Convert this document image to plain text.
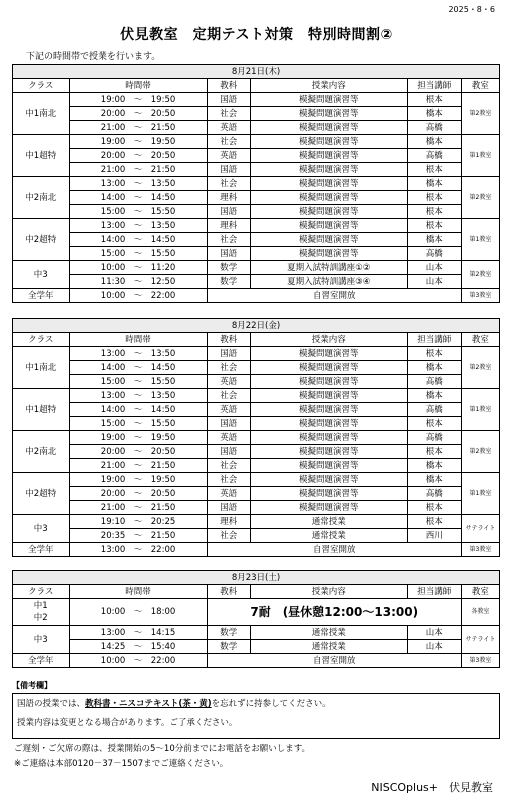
2025・8・6
伏見教室　定期テスト対策　特別時間割②
下記の時間帯で授業を行います。
8月21日(木)					
クラス	時間帯	教科	授業内容	担当講師	教室
中1南北	19:00　～　19:50	国語	模擬問題演習等	根本	第2教室
	20:00　～　20:50	社会	模擬問題演習等	橋本	
	21:00　～　21:50	英語	模擬問題演習等	高橋	
中1超特	19:00　～　19:50	社会	模擬問題演習等	橋本	第1教室
	20:00　～　20:50	英語	模擬問題演習等	高橋	
	21:00　～　21:50	国語	模擬問題演習等	根本	
中2南北	13:00　～　13:50	社会	模擬問題演習等	橋本	第2教室
	14:00　～　14:50	理科	模擬問題演習等	根本	
	15:00　～　15:50	国語	模擬問題演習等	根本	
中2超特	13:00　～　13:50	理科	模擬問題演習等	根本	第1教室
	14:00　～　14:50	社会	模擬問題演習等	橋本	
	15:00　～　15:50	国語	模擬問題演習等	高橋	
中3	10:00　～　11:20	数学	夏期入試特訓講座①②	山本	第2教室
	11:30　～　12:50	数学	夏期入試特訓講座③④	山本	
全学年	10:00　～　22:00	自習室開放			第3教室
8月22日(金)					
クラス	時間帯	教科	授業内容	担当講師	教室
中1南北	13:00　～　13:50	国語	模擬問題演習等	根本	第2教室
	14:00　～　14:50	社会	模擬問題演習等	橋本	
	15:00　～　15:50	英語	模擬問題演習等	高橋	
中1超特	13:00　～　13:50	社会	模擬問題演習等	橋本	第1教室
	14:00　～　14:50	英語	模擬問題演習等	高橋	
	15:00　～　15:50	国語	模擬問題演習等	根本	
中2南北	19:00　～　19:50	英語	模擬問題演習等	高橋	第2教室
	20:00　～　20:50	国語	模擬問題演習等	根本	
	21:00　～　21:50	社会	模擬問題演習等	橋本	
中2超特	19:00　～　19:50	社会	模擬問題演習等	橋本	第1教室
	20:00　～　20:50	英語	模擬問題演習等	高橋	
	21:00　～　21:50	国語	模擬問題演習等	根本	
中3	19:10　～　20:25	理科	通常授業	根本	サテライト
	20:35　～　21:50	社会	通常授業	西川	
全学年	13:00　～　22:00	自習室開放			第3教室
8月23日(土)					
クラス	時間帯	教科	授業内容	担当講師	教室

中1
中2	10:00　～　18:00	7耐　(昼休憩12:00～13:00)			各教室
中3	13:00　～　14:15	数学	通常授業	山本	サテライト
	14:25　～　15:40	数学	通常授業	山本	
全学年	10:00　～　22:00	自習室開放			第3教室
【備考欄】
国語の授業では、教科書・ニスコテキスト(茶・黄)を忘れずに持参してください。
授業内容は変更となる場合があります。ご了承ください。
ご遅刻・ご欠席の際は、授業開始の5～10分前までにお電話をお願いします。
※ご連絡は本部0120－37－1507までご連絡ください。
NISCOplus+　伏見教室
